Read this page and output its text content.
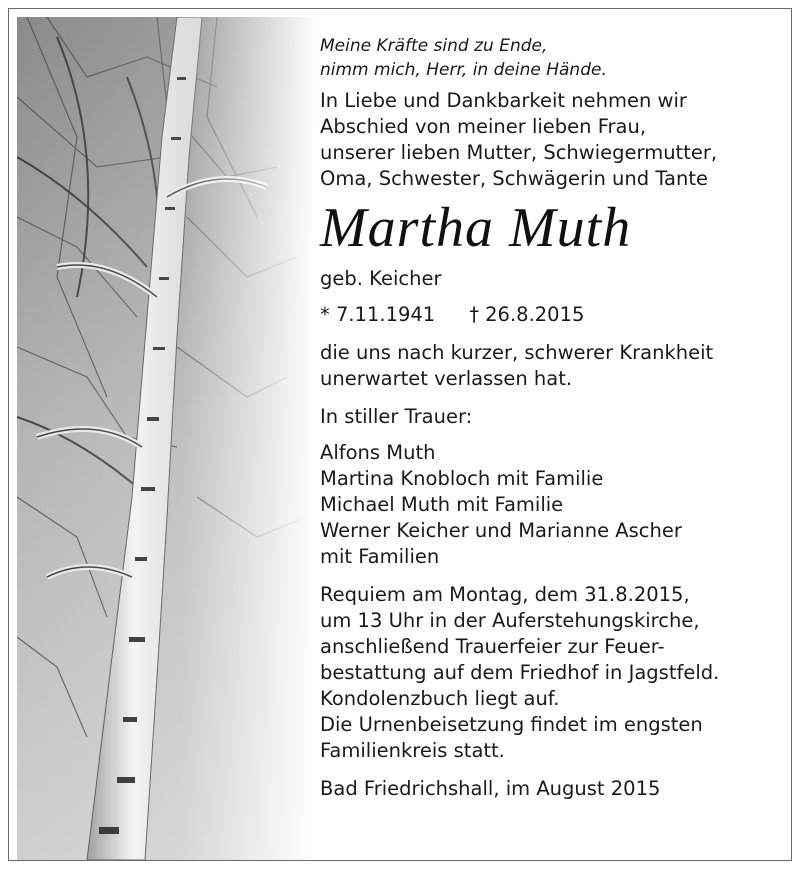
Meine Kräfte sind zu Ende,
nimm mich, Herr, in deine Hände.
In Liebe und Dankbarkeit nehmen wir
Abschied von meiner lieben Frau,
unserer lieben Mutter, Schwiegermutter,
Oma, Schwester, Schwägerin und Tante
Martha Muth
geb. Keicher
* 7.11.1941 † 26.8.2015
die uns nach kurzer, schwerer Krankheit
unerwartet verlassen hat.
In stiller Trauer:
Alfons Muth
Martina Knobloch mit Familie
Michael Muth mit Familie
Werner Keicher und Marianne Ascher
mit Familien
Requiem am Montag, dem 31.8.2015,
um 13 Uhr in der Auferstehungskirche,
anschließend Trauerfeier zur Feuer-
bestattung auf dem Friedhof in Jagstfeld.
Kondolenzbuch liegt auf.
Die Urnenbeisetzung findet im engsten
Familienkreis statt.
Bad Friedrichshall, im August 2015
